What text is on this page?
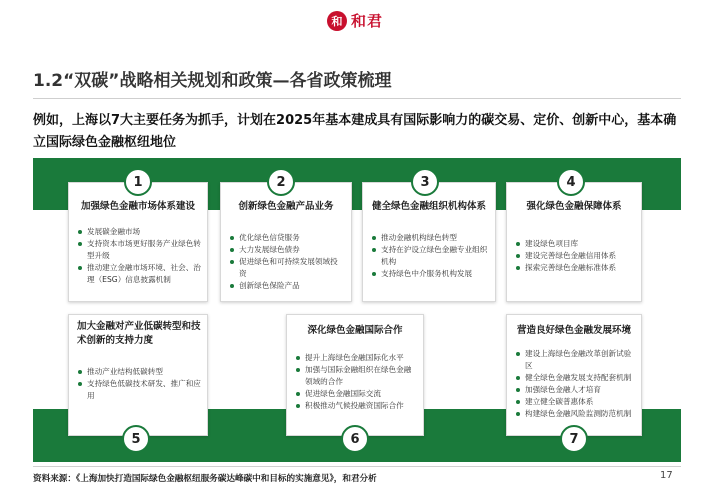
和 和君
1.2“双碳”战略相关规划和政策—各省政策梳理
例如，上海以7大主要任务为抓手，计划在2025年基本建成具有国际影响力的碳交易、定价、创新中心，基本确立国际绿色金融枢纽地位
加强绿色金融市场体系建设
发展碳金融市场
支持资本市场更好服务产业绿色转型升级
推动建立金融市场环境、社会、治理（ESG）信息披露机制
1
创新绿色金融产品业务
优化绿色信贷服务
大力发展绿色债券
促进绿色和可持续发展领域投资
创新绿色保险产品
2
健全绿色金融组织机构体系
推动金融机构绿色转型
支持在沪设立绿色金融专业组织机构
支持绿色中介服务机构发展
3
强化绿色金融保障体系
建设绿色项目库
建设完善绿色金融信用体系
探索完善绿色金融标准体系
4
加大金融对产业低碳转型和技术创新的支持力度
推动产业结构低碳转型
支持绿色低碳技术研发、推广和应用
5
深化绿色金融国际合作
提升上海绿色金融国际化水平
加强与国际金融组织在绿色金融领域的合作
促进绿色金融国际交流
积极推动气候投融资国际合作
6
营造良好绿色金融发展环境
建设上海绿色金融改革创新试验区
健全绿色金融发展支持配套机制
加强绿色金融人才培育
建立健全碳普惠体系
构建绿色金融风险监测防范机制
7
资料来源：《上海加快打造国际绿色金融枢纽服务碳达峰碳中和目标的实施意见》，和君分析	17
